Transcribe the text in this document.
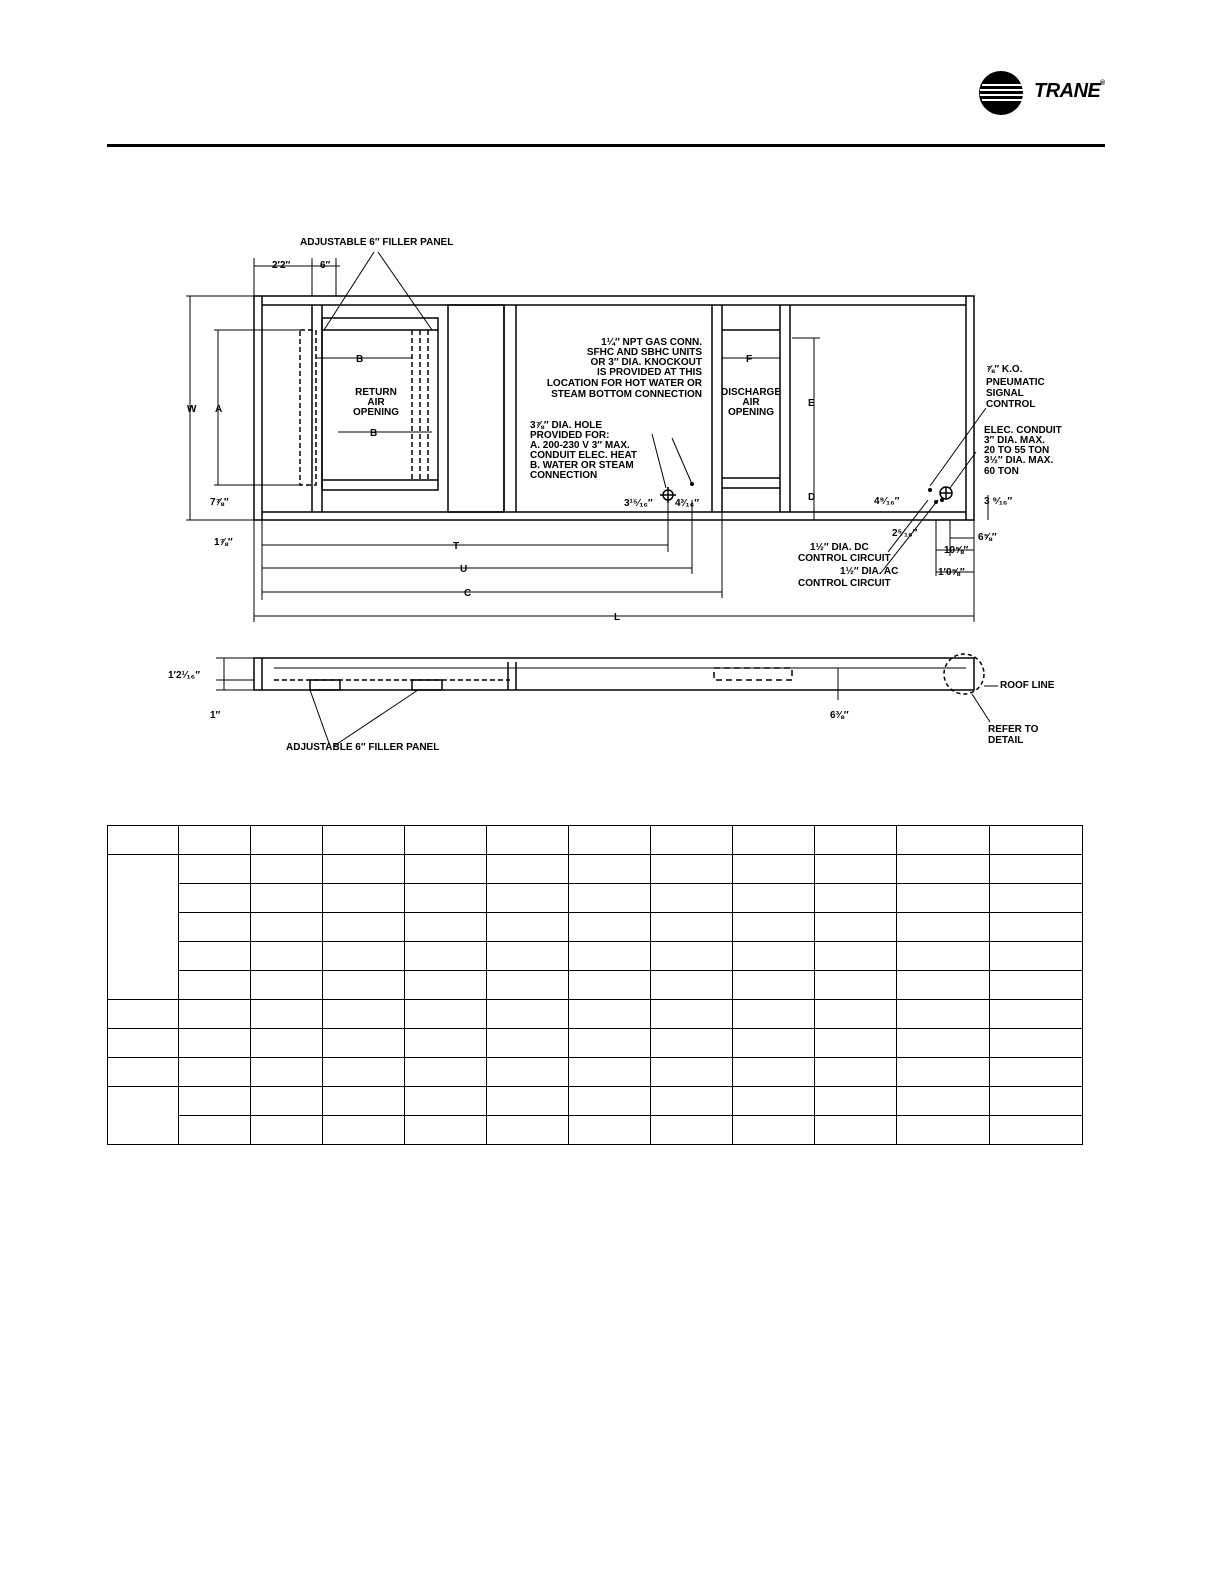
TRANE ®
ADJUSTABLE 6″ FILLER PANEL
2′2″	6″
W A
B
B
RETURN
AIR
OPENING
DISCHARGE
AIR
OPENING
F
E
D
7⅞″
1⅞″
1¼″ NPT GAS CONN.
SFHC AND SBHC UNITS
OR 3″ DIA. KNOCKOUT
IS PROVIDED AT THIS
LOCATION FOR HOT WATER OR
STEAM BOTTOM CONNECTION
3⅞″ DIA. HOLE
PROVIDED FOR:
A. 200-230 V 3″ MAX.
CONDUIT ELEC. HEAT
B. WATER OR STEAM
CONNECTION
3¹⁵⁄₁₆″ 4³⁄₁₆″
⅞″ K.O.
PNEUMATIC
SIGNAL
CONTROL
ELEC. CONDUIT
3″ DIA. MAX.
20 TO 55 TON
3½″ DIA. MAX.
60 TON
4⁹⁄₁₆″	3 ⁹⁄₁₆″
2⁵⁄₁₆″	6⅝″
10⅝″
1′0⅝″
1½″ DIA. DC
CONTROL CIRCUIT
1½″ DIA. AC
CONTROL CIRCUIT
T
U
C
L
1′2¹⁄₁₆″
1″	6⅜″
ROOF LINE
REFER TO
DETAIL
ADJUSTABLE 6″ FILLER PANEL
